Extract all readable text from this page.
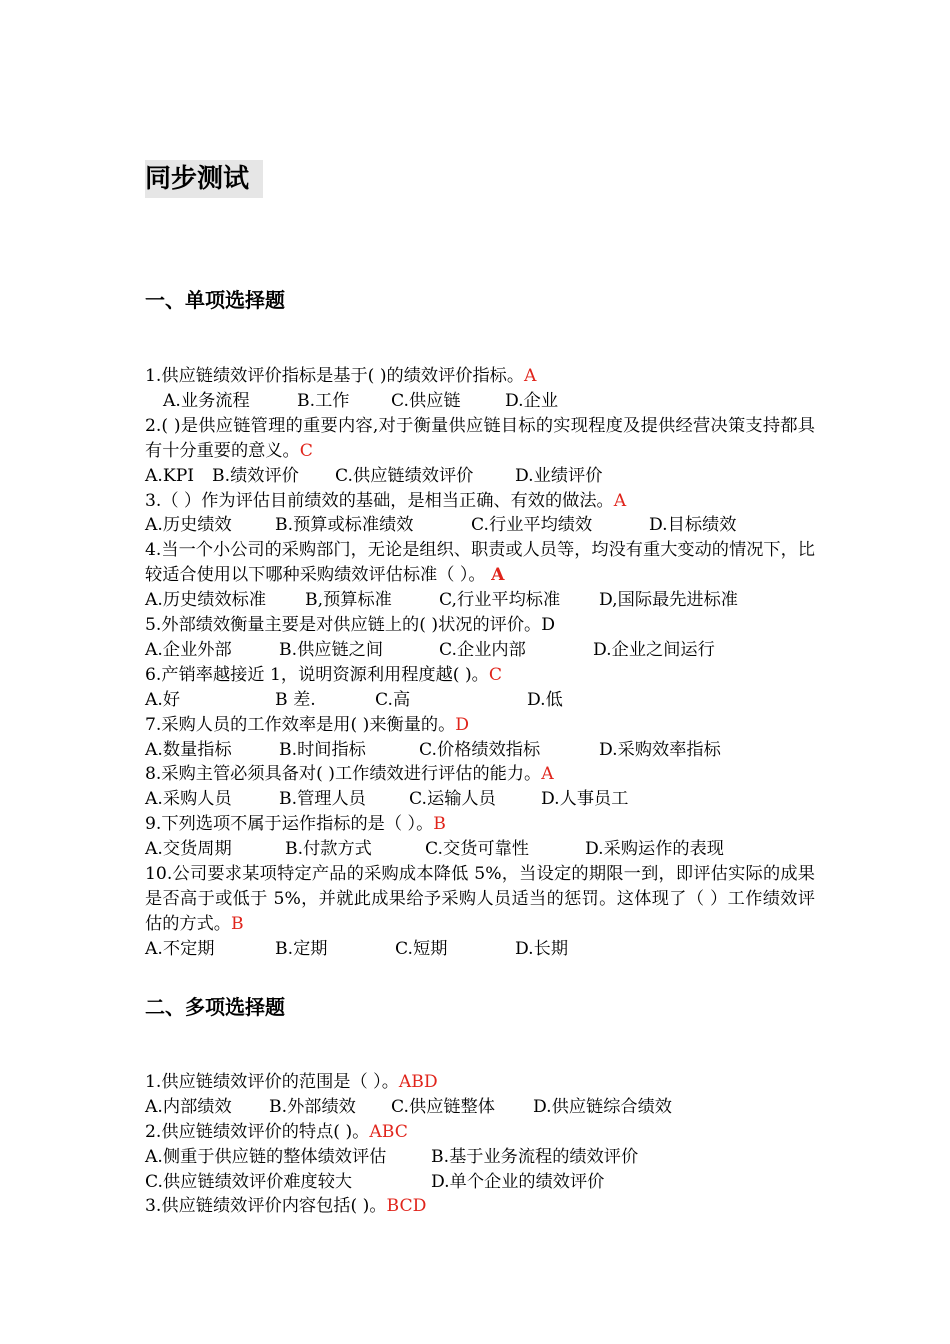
同步测试
一、单项选择题
1.供应链绩效评价指标是基于( )的绩效评价指标。A
A.业务流程	B.工作 C.供应链	D.企业
2.( )是供应链管理的重要内容,对于衡量供应链目标的实现程度及提供经营决策支持都具有十分重要的意义。C
A.KPI B.绩效评价 C.供应链绩效评价 D.业绩评价
3.（ ）作为评估目前绩效的基础，是相当正确、有效的做法。A
A.历史绩效	B.预算或标准绩效	C.行业平均绩效	D.目标绩效
4.当一个小公司的采购部门，无论是组织、职责或人员等，均没有重大变动的情况下，比较适合使用以下哪种采购绩效评估标准（ ）。 A
A.历史绩效标准 B,预算标准	C,行业平均标准 D,国际最先进标准
5.外部绩效衡量主要是对供应链上的( )状况的评价。D
A.企业外部	B.供应链之间	C.企业内部	D.企业之间运行
6.产销率越接近 1，说明资源利用程度越( )。C
A.好	B 差.	C.高	D.低
7.采购人员的工作效率是用( )来衡量的。D
A.数量指标	B.时间指标	C.价格绩效指标	D.采购效率指标
8.采购主管必须具备对( )工作绩效进行评估的能力。A
A.采购人员	B.管理人员	C.运输人员	D.人事员工
9.下列选项不属于运作指标的是（ ）。B
A.交货周期	B.付款方式	C.交货可靠性	D.采购运作的表现
10.公司要求某项特定产品的采购成本降低 5%，当设定的期限一到，即评估实际的成果是否高于或低于 5%，并就此成果给予采购人员适当的惩罚。这体现了（ ）工作绩效评估的方式。B
A.不定期	B.定期	C.短期	D.长期
二、多项选择题
1.供应链绩效评价的范围是（ ）。ABD
A.内部绩效 B.外部绩效 C.供应链整体 D.供应链综合绩效
2.供应链绩效评价的特点( )。ABC
A.侧重于供应链的整体绩效评估	B.基于业务流程的绩效评价
C.供应链绩效评价难度较大	D.单个企业的绩效评价
3.供应链绩效评价内容包括( )。BCD
